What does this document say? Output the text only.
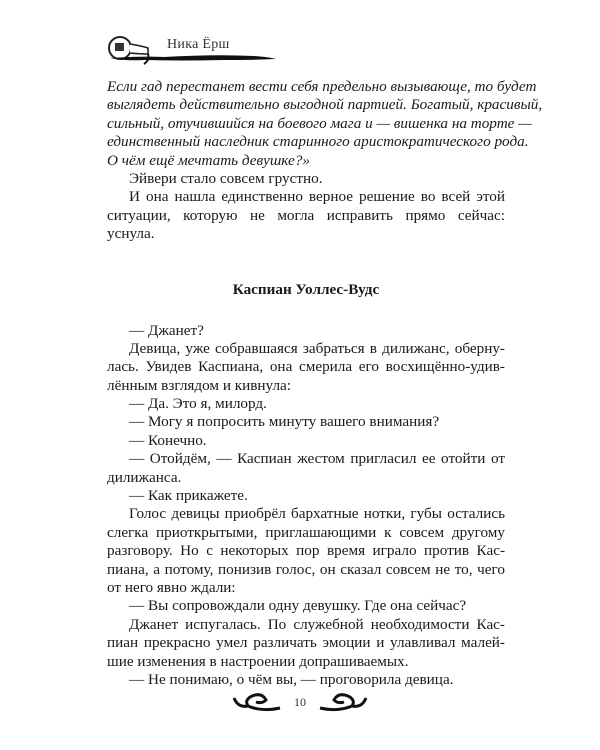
Ника Ёрш
Если гад перестанет вести себя предельно вызывающе, то будет
выглядеть действительно выгодной партией. Богатый, красивый,
сильный, отучившийся на боевого мага и — вишенка на торте —
единственный наследник старинного аристократического рода.
О чём ещё мечтать девушке?»
Эйвери стало совсем грустно.
И она нашла единственно верное решение во всей этой
ситуации, которую не могла исправить прямо сейчас:
уснула.
Каспиан Уоллес-Вудс
— Джанет?
Девица, уже собравшаяся забраться в дилижанс, оберну-
лась. Увидев Каспиана, она смерила его восхищённо-удив-
лённым взглядом и кивнула:
— Да. Это я, милорд.
— Могу я попросить минуту вашего внимания?
— Конечно.
— Отойдём, — Каспиан жестом пригласил ее отойти от
дилижанса.
— Как прикажете.
Голос девицы приобрёл бархатные нотки, губы остались
слегка приоткрытыми, приглашающими к совсем другому
разговору. Но с некоторых пор время играло против Кас-
пиана, а потому, понизив голос, он сказал совсем не то, чего
от него явно ждали:
— Вы сопровождали одну девушку. Где она сейчас?
Джанет испугалась. По служебной необходимости Кас-
пиан прекрасно умел различать эмоции и улавливал малей-
шие изменения в настроении допрашиваемых.
— Не понимаю, о чём вы, — проговорила девица.
10
